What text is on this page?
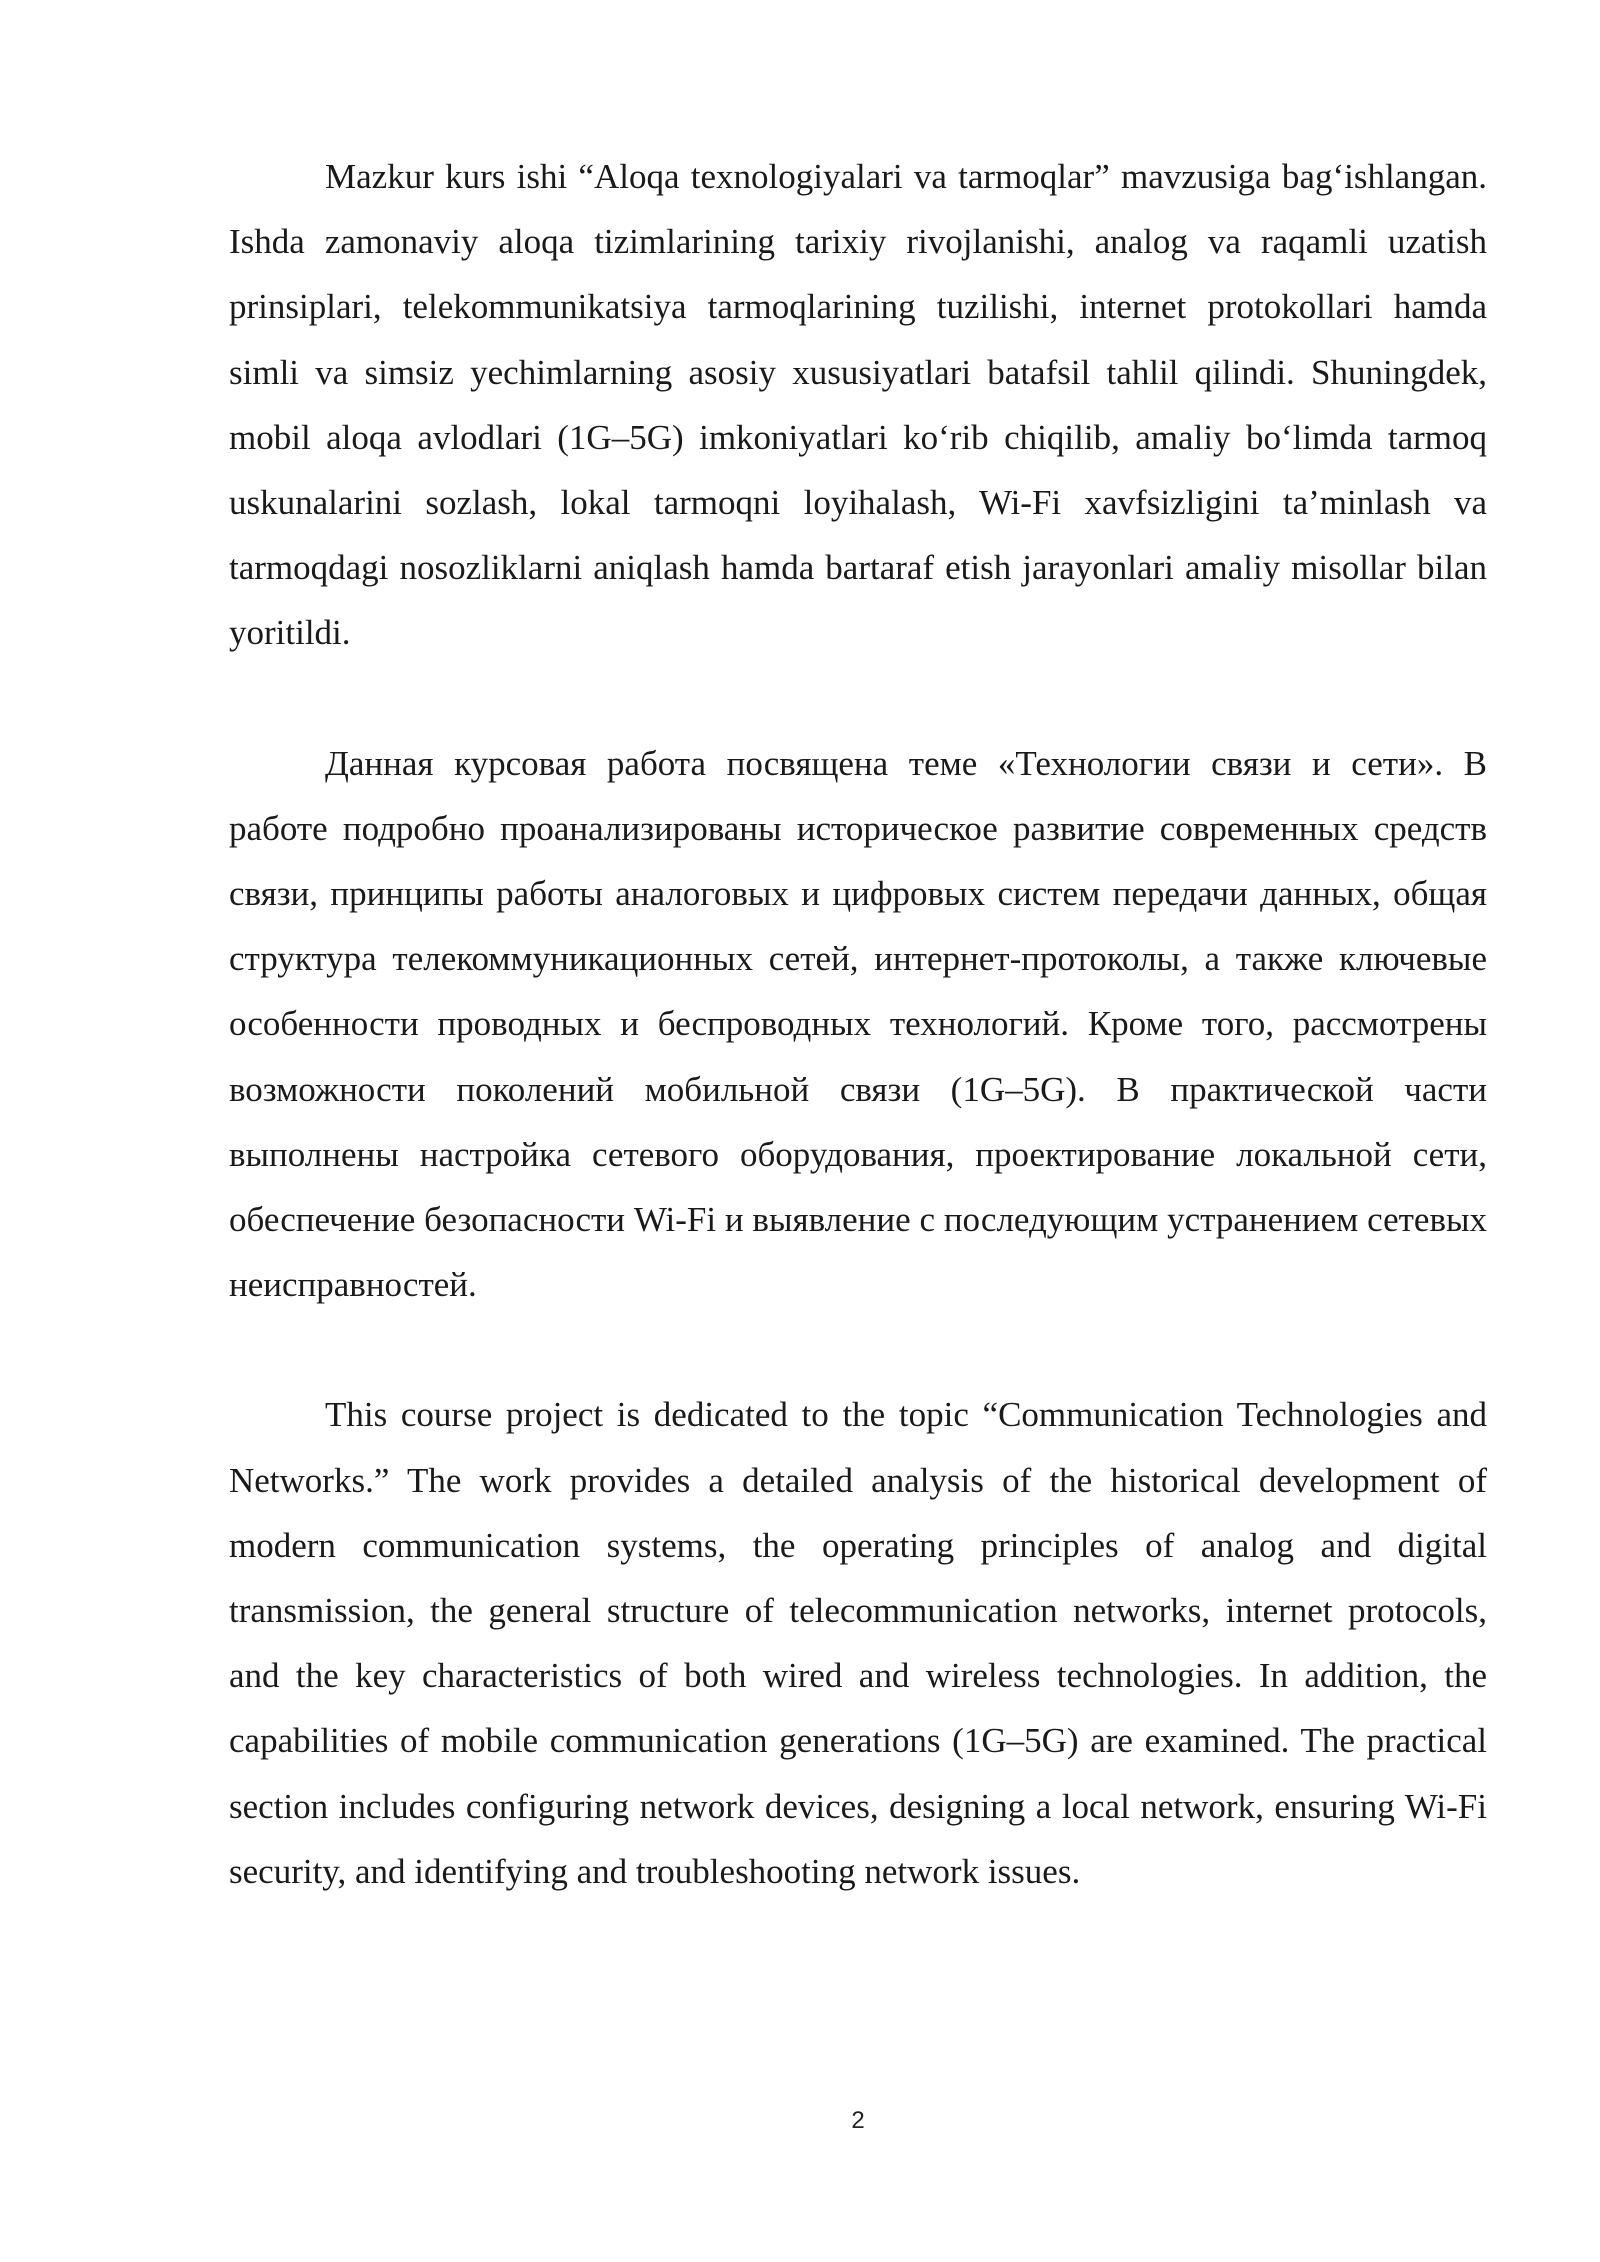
Mazkur kurs ishi “Aloqa texnologiyalari va tarmoqlar” mavzusiga bag‘ishlangan. Ishda zamonaviy aloqa tizimlarining tarixiy rivojlanishi, analog va raqamli uzatish prinsiplari, telekommunikatsiya tarmoqlarining tuzilishi, internet protokollari hamda simli va simsiz yechimlarning asosiy xususiyatlari batafsil tahlil qilindi. Shuningdek, mobil aloqa avlodlari (1G–5G) imkoniyatlari ko‘rib chiqilib, amaliy bo‘limda tarmoq uskunalarini sozlash, lokal tarmoqni loyihalash, Wi-Fi xavfsizligini ta’minlash va tarmoqdagi nosozliklarni aniqlash hamda bartaraf etish jarayonlari amaliy misollar bilan yoritildi.

Данная курсовая работа посвящена теме «Технологии связи и сети». В работе подробно проанализированы историческое развитие современных средств связи, принципы работы аналоговых и цифровых систем передачи данных, общая структура телекоммуникационных сетей, интернет-протоколы, а также ключевые особенности проводных и беспроводных технологий. Кроме того, рассмотрены возможности поколений мобильной связи (1G–5G). В практической части выполнены настройка сетевого оборудования, проектирование локальной сети, обеспечение безопасности Wi-Fi и выявление с последующим устранением сетевых неисправностей.

This course project is dedicated to the topic “Communication Technologies and Networks.” The work provides a detailed analysis of the historical development of modern communication systems, the operating principles of analog and digital transmission, the general structure of telecommunication networks, internet protocols, and the key characteristics of both wired and wireless technologies. In addition, the capabilities of mobile communication generations (1G–5G) are examined. The practical section includes configuring network devices, designing a local network, ensuring Wi-Fi security, and identifying and troubleshooting network issues.

2
